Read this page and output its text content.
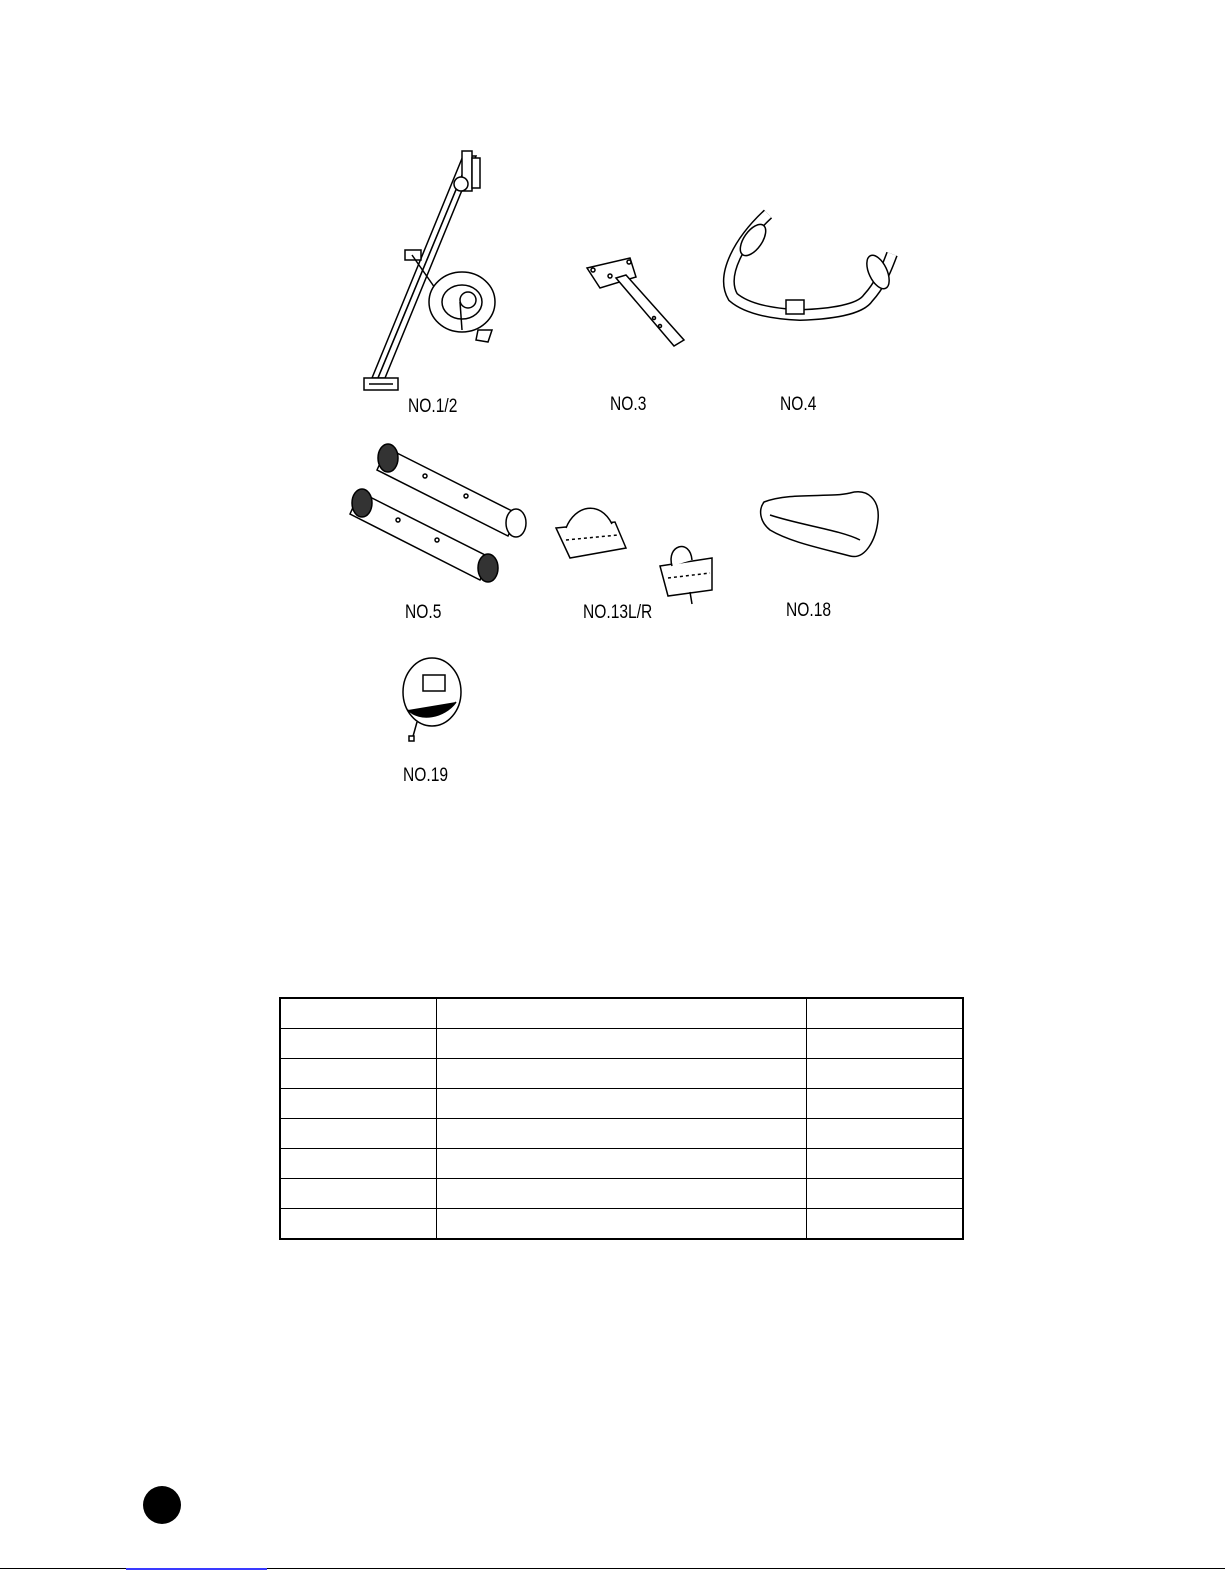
NO.1/2	NO.3	NO.4
NO.5	NO.13L/R	NO.18
NO.19
